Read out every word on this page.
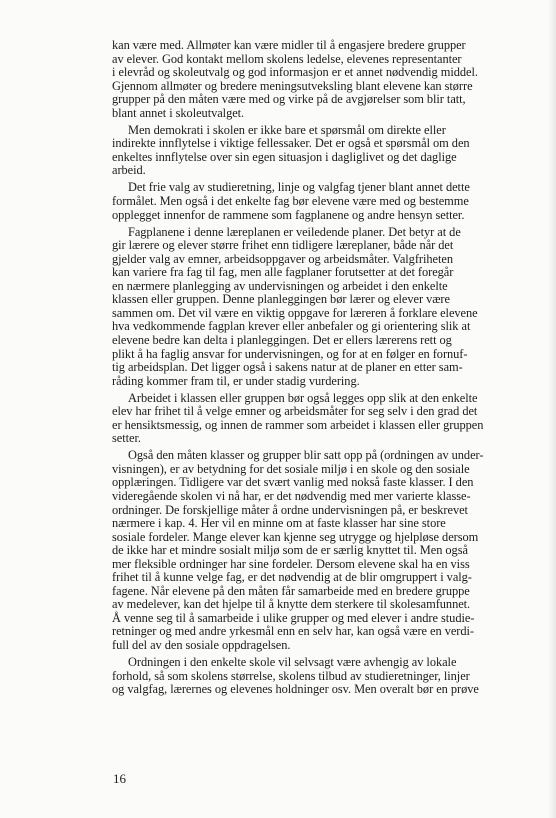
kan være med. Allmøter kan være midler til å engasjere bredere grupper
av elever. God kontakt mellom skolens ledelse, elevenes representanter
i elevråd og skoleutvalg og god informasjon er et annet nødvendig middel.
Gjennom allmøter og bredere meningsutveksling blant elevene kan større
grupper på den måten være med og virke på de avgjørelser som blir tatt,
blant annet i skoleutvalget.
Men demokrati i skolen er ikke bare et spørsmål om direkte eller
indirekte innflytelse i viktige fellessaker. Det er også et spørsmål om den
enkeltes innflytelse over sin egen situasjon i dagliglivet og det daglige
arbeid.
Det frie valg av studieretning, linje og valgfag tjener blant annet dette
formålet. Men også i det enkelte fag bør elevene være med og bestemme
opplegget innenfor de rammene som fagplanene og andre hensyn setter.
Fagplanene i denne læreplanen er veiledende planer. Det betyr at de
gir lærere og elever større frihet enn tidligere læreplaner, både når det
gjelder valg av emner, arbeidsoppgaver og arbeidsmåter. Valgfriheten
kan variere fra fag til fag, men alle fagplaner forutsetter at det foregår
en nærmere planlegging av undervisningen og arbeidet i den enkelte
klassen eller gruppen. Denne planleggingen bør lærer og elever være
sammen om. Det vil være en viktig oppgave for læreren å forklare elevene
hva vedkommende fagplan krever eller anbefaler og gi orientering slik at
elevene bedre kan delta i planleggingen. Det er ellers lærerens rett og
plikt å ha faglig ansvar for undervisningen, og for at en følger en fornuf-
tig arbeidsplan. Det ligger også i sakens natur at de planer en etter sam-
råding kommer fram til, er under stadig vurdering.
Arbeidet i klassen eller gruppen bør også legges opp slik at den enkelte
elev har frihet til å velge emner og arbeidsmåter for seg selv i den grad det
er hensiktsmessig, og innen de rammer som arbeidet i klassen eller gruppen
setter.
Også den måten klasser og grupper blir satt opp på (ordningen av under-
visningen), er av betydning for det sosiale miljø i en skole og den sosiale
opplæringen. Tidligere var det svært vanlig med nokså faste klasser. I den
videregående skolen vi nå har, er det nødvendig med mer varierte klasse-
ordninger. De forskjellige måter å ordne undervisningen på, er beskrevet
nærmere i kap. 4. Her vil en minne om at faste klasser har sine store
sosiale fordeler. Mange elever kan kjenne seg utrygge og hjelpløse dersom
de ikke har et mindre sosialt miljø som de er særlig knyttet til. Men også
mer fleksible ordninger har sine fordeler. Dersom elevene skal ha en viss
frihet til å kunne velge fag, er det nødvendig at de blir omgruppert i valg-
fagene. Når elevene på den måten får samarbeide med en bredere gruppe
av medelever, kan det hjelpe til å knytte dem sterkere til skolesamfunnet.
Å venne seg til å samarbeide i ulike grupper og med elever i andre studie-
retninger og med andre yrkesmål enn en selv har, kan også være en verdi-
full del av den sosiale oppdragelsen.
Ordningen i den enkelte skole vil selvsagt være avhengig av lokale
forhold, så som skolens størrelse, skolens tilbud av studieretninger, linjer
og valgfag, lærernes og elevenes holdninger osv. Men overalt bør en prøve
16
